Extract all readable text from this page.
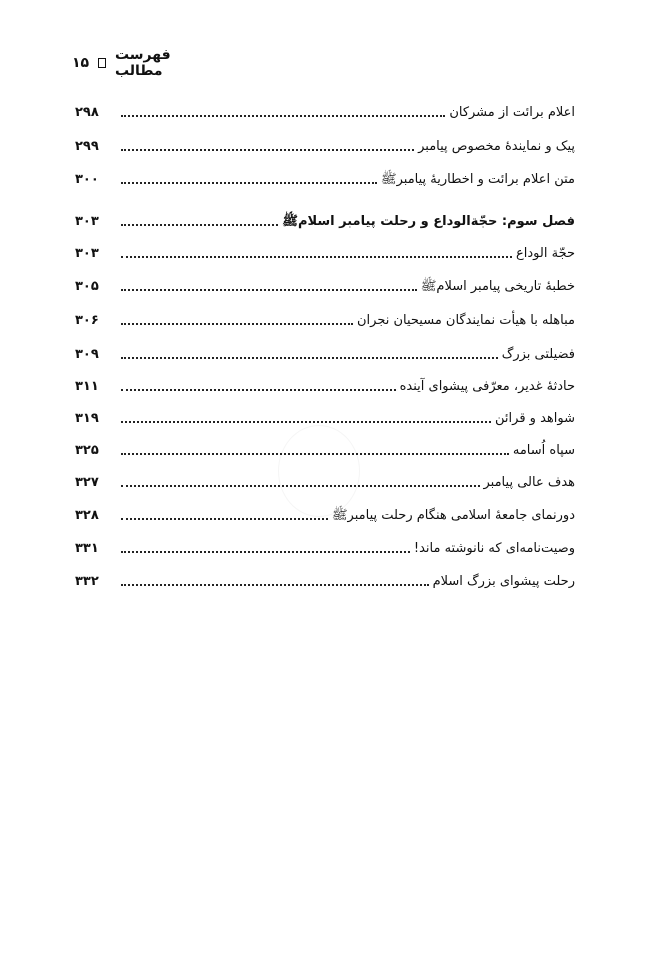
۱۵ فهرست مطالب
اعلام برائت از مشرکان
۲۹۸
پیک و نمایندهٔ مخصوص پیامبر
۲۹۹
متن اعلام برائت و اخطاریهٔ پیامبرﷺ
۳۰۰
فصل سوم: حجّةالوداع و رحلت پیامبر اسلامﷺ
۳۰۳
حجّة الوداع
۳۰۳
خطبهٔ تاریخی پیامبر اسلامﷺ
۳۰۵
مباهله با هیأت نمایندگان مسیحیان نجران
۳۰۶
فضیلتی بزرگ
۳۰۹
حادثهٔ غدیر، معرّفی پیشوای آینده
۳۱۱
شواهد و قرائن
۳۱۹
سپاه اُسامه
۳۲۵
هدف عالی پیامبر
۳۲۷
دورنمای جامعهٔ اسلامی هنگام رحلت پیامبرﷺ
۳۲۸
وصیت‌نامه‌ای که نانوشته ماند!
۳۳۱
رحلت پیشوای بزرگ اسلام
۳۳۲
